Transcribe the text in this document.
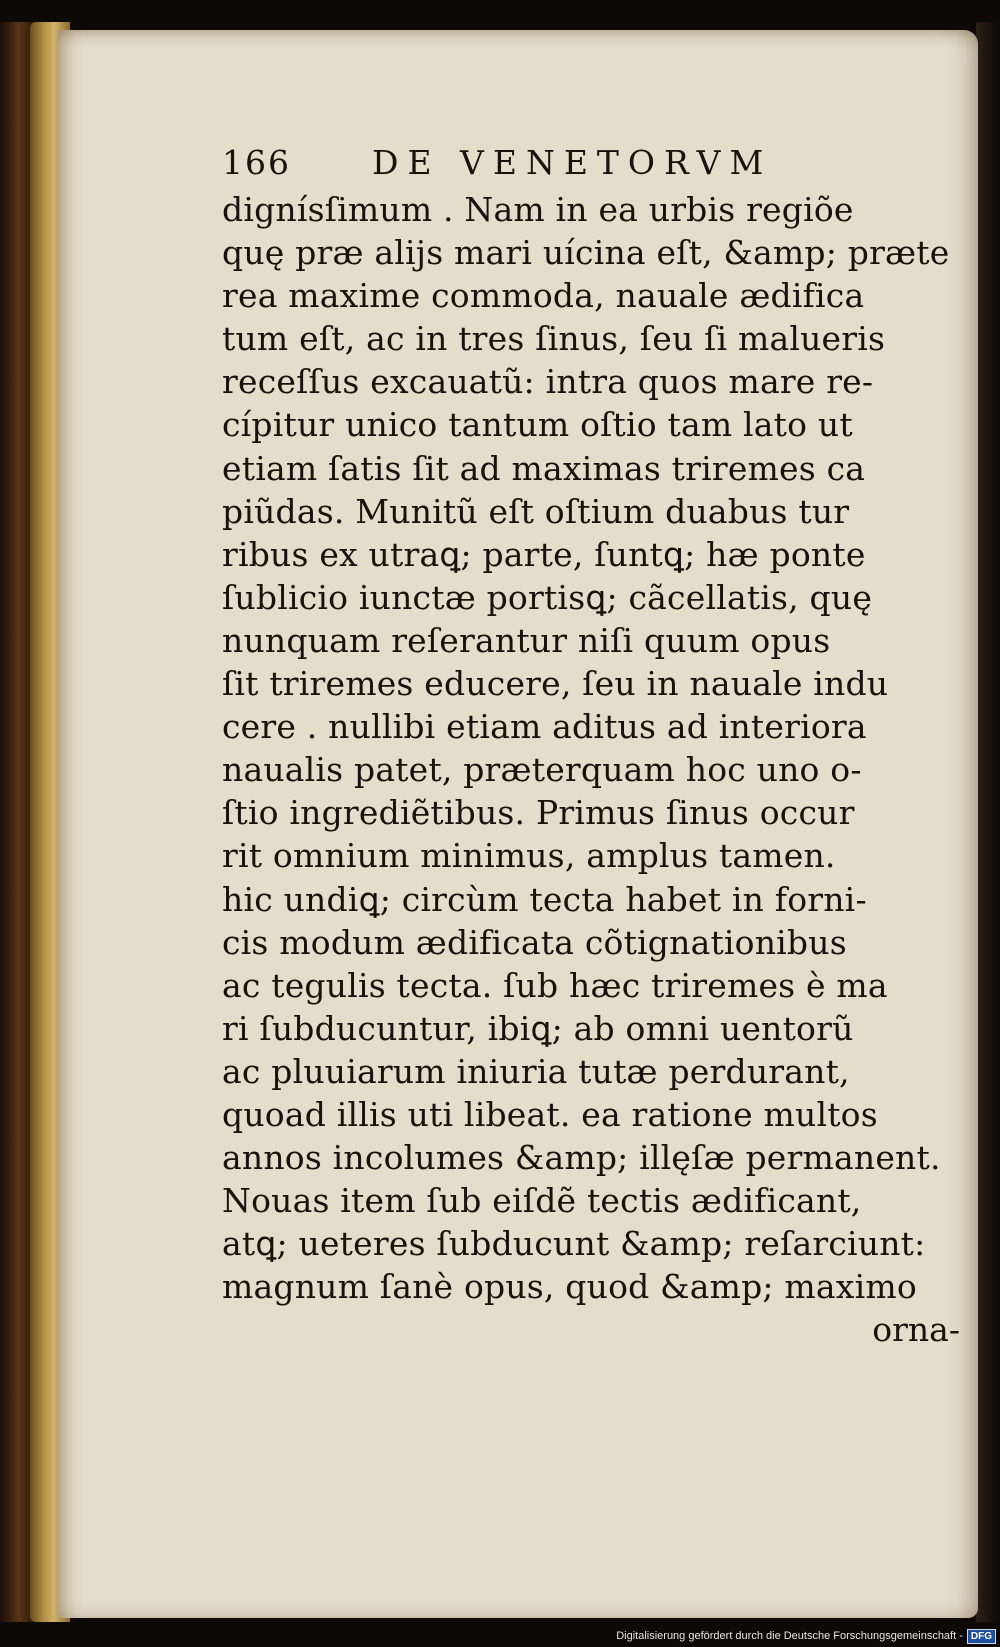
166 DE VENETORVM
dignísſimum . Nam in ea urbis regiõe
quę præ alijs mari uícina eſt, &amp; præte
rea maxime commoda, nauale ædifica
tum eſt, ac in tres ſinus, ſeu ſi malueris
receſſus excauatũ: intra quos mare re-
cípitur unico tantum oſtio tam lato ut
etiam ſatis ſit ad maximas triremes ca
piũdas. Munitũ eſt oſtium duabus tur
ribus ex utraꝗ; parte, ſuntꝗ; hæ ponte
ſublicio iunctæ portisꝗ; cãcellatis, quę
nunquam reſerantur niſi quum opus
ſit triremes educere, ſeu in nauale indu
cere . nullibi etiam aditus ad interiora
naualis patet, præterquam hoc uno o-
ſtio ingrediẽtibus. Primus ſinus occur
rit omnium minimus, amplus tamen.
hic undiꝗ; circùm tecta habet in forni-
cis modum ædificata cõtignationibus
ac tegulis tecta. ſub hæc triremes è ma
ri ſubducuntur, ibiꝗ; ab omni uentorũ
ac pluuiarum iniuria tutæ perdurant,
quoad illis uti libeat. ea ratione multos
annos incolumes &amp; illęſæ permanent.
Nouas item ſub eiſdẽ tectis ædificant,
atꝗ; ueteres ſubducunt &amp; reſarciunt:
magnum ſanè opus, quod &amp; maximo
orna-
Digitalisierung gefördert durch die Deutsche Forschungsgemeinschaft - DFG
